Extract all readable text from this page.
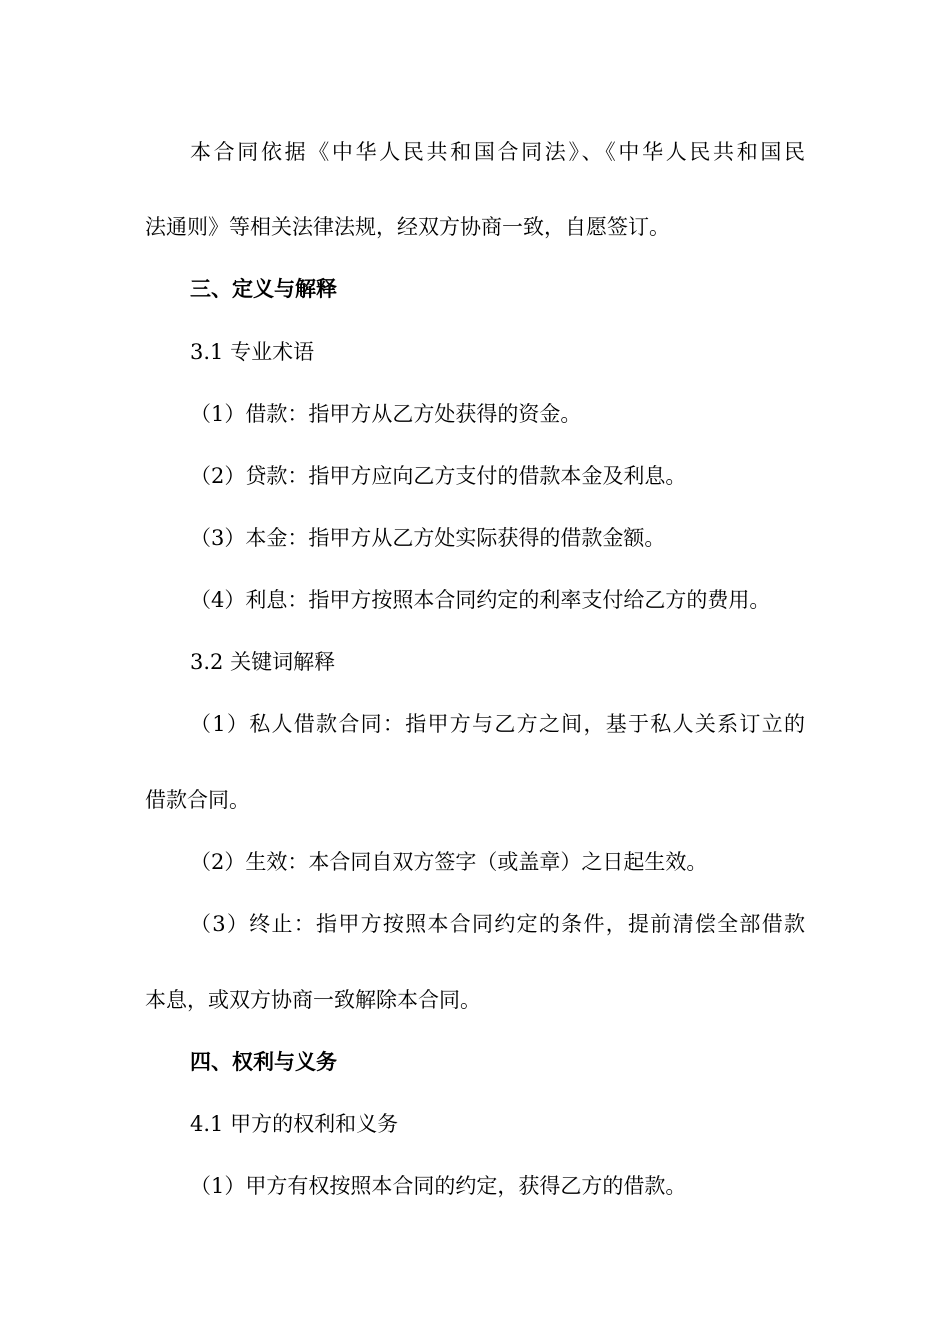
本合同依据《中华人民共和国合同法》、《中华人民共和国民
法通则》等相关法律法规，经双方协商一致，自愿签订。
三、定义与解释
3.1 专业术语
（1）借款：指甲方从乙方处获得的资金。
（2）贷款：指甲方应向乙方支付的借款本金及利息。
（3）本金：指甲方从乙方处实际获得的借款金额。
（4）利息：指甲方按照本合同约定的利率支付给乙方的费用。
3.2 关键词解释
（1）私人借款合同：指甲方与乙方之间，基于私人关系订立的
借款合同。
（2）生效：本合同自双方签字（或盖章）之日起生效。
（3）终止：指甲方按照本合同约定的条件，提前清偿全部借款
本息，或双方协商一致解除本合同。
四、权利与义务
4.1 甲方的权利和义务
（1）甲方有权按照本合同的约定，获得乙方的借款。
